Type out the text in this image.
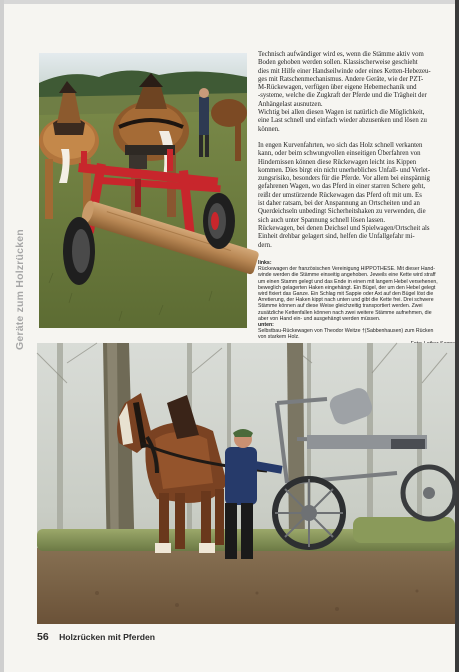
Geräte zum Holzrücken

Technisch aufwändiger wird es, wenn die Stämme aktiv vom
Boden gehoben werden sollen. Klassischerweise geschieht
dies mit Hilfe einer Handseilwinde oder eines Ketten-Hebezeu-
ges mit Ratschenmechanismus. Andere Geräte, wie der PZT-
M-Rückewagen, verfügen über eigene Hebemechanik und
-systeme, welche die Zugkraft der Pferde und die Trägheit der
Anhängelast ausnutzen.
Wichtig bei allen diesen Wagen ist natürlich die Möglichkeit,
eine Last schnell und einfach wieder abzusenken und lösen zu
können.

In engen Kurvenfahrten, wo sich das Holz schnell verkanten
kann, oder beim schwungvollen einseitigen Überfahren von
Hindernissen können diese Rückewagen leicht ins Kippen
kommen. Dies birgt ein nicht unerhebliches Unfall- und Verlet-
zungsrisiko, besonders für die Pferde. Vor allem bei einspännig
gefahrenen Wagen, wo das Pferd in einer starren Schere geht,
reißt der umstürzende Rückewagen das Pferd oft mit um. Es
ist daher ratsam, bei der Anspannung an Ortscheiten und an
Querdeichseln unbedingt Sicherheitshaken zu verwenden, die
sich auch unter Spannung schnell lösen lassen.
Rückewagen, bei denen Deichsel und Spielwagen/Ortscheit als
Einheit drehbar gelagert sind, helfen die Unfallgefahr mi-
dern.

links:
Rückewagen der französischen Vereinigung HIPPOTHESE. Mit dieser Hand-
winde werden die Stämme einseitig angehoben. Jeweils eine Kette wird straff
um einen Stamm gelegt und das Ende in einen mit langem Hebel versehenen,
beweglich gelagerten Haken eingehängt. Ein Bügel, der um den Hebel gelegt
wird fixiert das Ganze. Ein Schlag mit Sappie oder Axt auf den Bügel löst die
Arretierung, der Haken kippt nach unten und gibt die Kette frei. Drei schwere
Stämme können auf diese Weise gleichzeitig transportiert werden. Zwei
zusätzliche Kettenfallen können nach zwei weitere Stämme aufnehmen, die
aber von Hand ein- und ausgehängt werden müssen.
unten:
Selbstbau-Rückewagen von Theodor Weitze †(Sabbenhausen) zum Rücken
von starkem Holz.
56 Holzrücken mit Pferden
